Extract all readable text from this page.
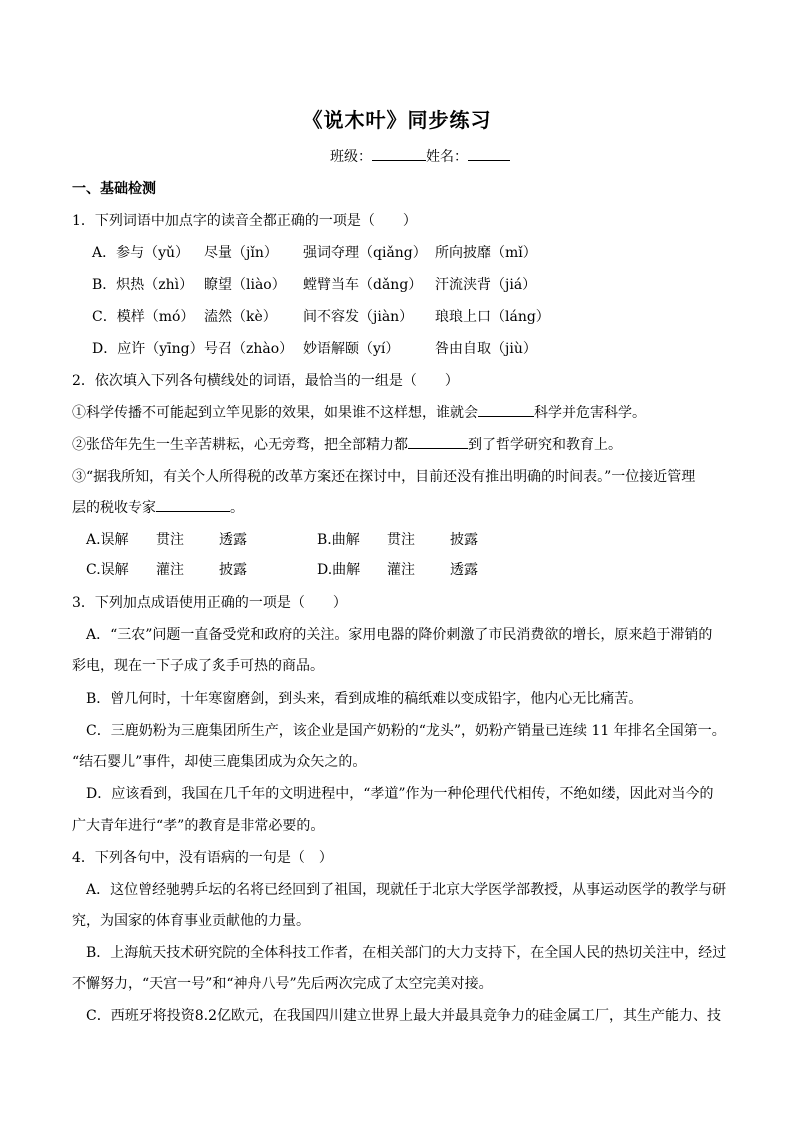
《说木叶》同步练习
班级：	姓名：
一、基础检测
1．下列词语中加点字的读音全都正确的一项是（　　）
A．参与（yǔ） 尽量（jǐn） 强词夺理（qiǎng） 所向披靡（mǐ）
B．炽热（zhì） 瞭望（liào） 螳臂当车（dǎng） 汗流浃背（jiá）
C．模样（mó） 溘然（kè） 间不容发（jiàn） 琅琅上口（láng）
D．应许（yīng） 号召（zhào） 妙语解颐（yí）	咎由自取（jiù）
2．依次填入下列各句横线处的词语，最恰当的一组是（　　）
①科学传播不可能起到立竿见影的效果，如果谁不这样想，谁就会	科学并危害科学。
②张岱年先生一生辛苦耕耘，心无旁骛，把全部精力都	到了哲学研究和教育上。
③“据我所知，有关个人所得税的改革方案还在探讨中，目前还没有推出明确的时间表。”一位接近管理
层的税收专家	。
A.误解 贯注	透露	B.曲解 贯注	披露
C.误解 灌注	披露	D.曲解 灌注	透露
3．下列加点成语使用正确的一项是（　　）
A．“三农”问题一直备受党和政府的关注。家用电器的降价刺激了市民消费欲的增长，原来趋于滞销的
彩电，现在一下子成了炙手可热的商品。
B．曾几何时，十年寒窗磨剑，到头来，看到成堆的稿纸难以变成铅字，他内心无比痛苦。
C．三鹿奶粉为三鹿集团所生产，该企业是国产奶粉的“龙头”，奶粉产销量已连续 11 年排名全国第一。
“结石婴儿”事件，却使三鹿集团成为众矢之的。
D．应该看到，我国在几千年的文明进程中，“孝道”作为一种伦理代代相传，不绝如缕，因此对当今的
广大青年进行“孝”的教育是非常必要的。
4．下列各句中，没有语病的一句是（　）
A．这位曾经驰骋乒坛的名将已经回到了祖国，现就任于北京大学医学部教授，从事运动医学的教学与研
究，为国家的体育事业贡献他的力量。
B．上海航天技术研究院的全体科技工作者，在相关部门的大力支持下，在全国人民的热切关注中，经过
不懈努力，“天宫一号”和“神舟八号”先后两次完成了太空完美对接。
C．西班牙将投资8.2亿欧元，在我国四川建立世界上最大并最具竞争力的硅金属工厂，其生产能力、技
